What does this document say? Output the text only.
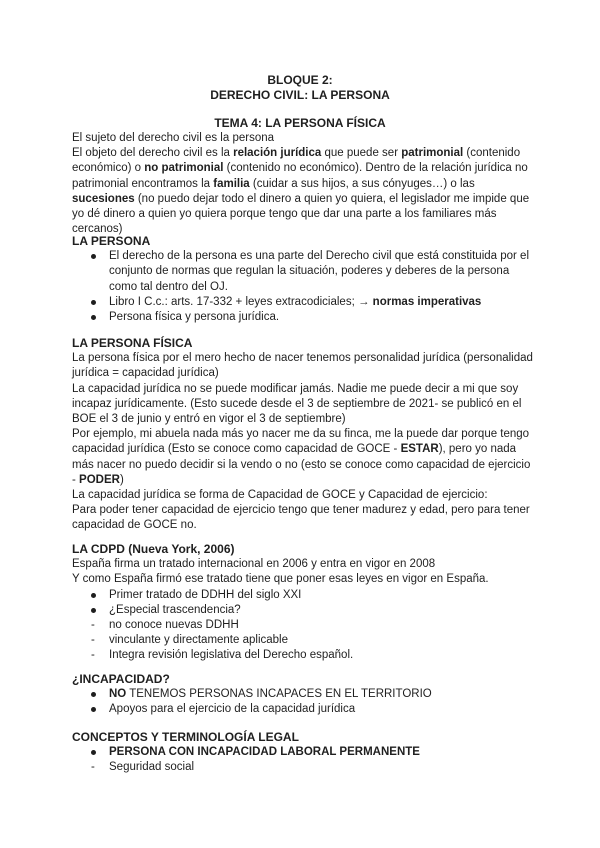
BLOQUE 2:
DERECHO CIVIL: LA PERSONA
TEMA 4: LA PERSONA FÍSICA

El sujeto del derecho civil es la persona

El objeto del derecho civil es la relación jurídica que puede ser patrimonial (contenido económico) o no patrimonial (contenido no económico). Dentro de la relación jurídica no patrimonial encontramos la familia (cuidar a sus hijos, a sus cónyuges…) o las sucesiones (no puedo dejar todo el dinero a quien yo quiera, el legislador me impide que yo dé dinero a quien yo quiera porque tengo que dar una parte a los familiares más cercanos)

LA PERSONA
El derecho de la persona es una parte del Derecho civil que está constituida por el conjunto de normas que regulan la situación, poderes y deberes de la persona como tal dentro del OJ.
Libro I C.c.: arts. 17-332 + leyes extracodiciales; → normas imperativas
Persona física y persona jurídica.
LA PERSONA FÍSICA

La persona física por el mero hecho de nacer tenemos personalidad jurídica (personalidad jurídica = capacidad jurídica)

La capacidad jurídica no se puede modificar jamás. Nadie me puede decir a mi que soy incapaz jurídicamente. (Esto sucede desde el 3 de septiembre de 2021- se publicó en el BOE el 3 de junio y entró en vigor el 3 de septiembre)

Por ejemplo, mi abuela nada más yo nacer me da su finca, me la puede dar porque tengo capacidad jurídica (Esto se conoce como capacidad de GOCE - ESTAR), pero yo nada más nacer no puedo decidir si la vendo o no (esto se conoce como capacidad de ejercicio - PODER)

La capacidad jurídica se forma de Capacidad de GOCE y Capacidad de ejercicio:

Para poder tener capacidad de ejercicio tengo que tener madurez y edad, pero para tener capacidad de GOCE no.

LA CDPD (Nueva York, 2006)

España firma un tratado internacional en 2006 y entra en vigor en 2008

Y como España firmó ese tratado tiene que poner esas leyes en vigor en España.

Primer tratado de DDHH del siglo XXI
¿Especial trascendencia?
- no conoce nuevas DDHH
- vinculante y directamente aplicable
- Integra revisión legislativa del Derecho español.
¿INCAPACIDAD?
NO TENEMOS PERSONAS INCAPACES EN EL TERRITORIO
Apoyos para el ejercicio de la capacidad jurídica
CONCEPTOS Y TERMINOLOGÍA LEGAL
PERSONA CON INCAPACIDAD LABORAL PERMANENTE
- Seguridad social
